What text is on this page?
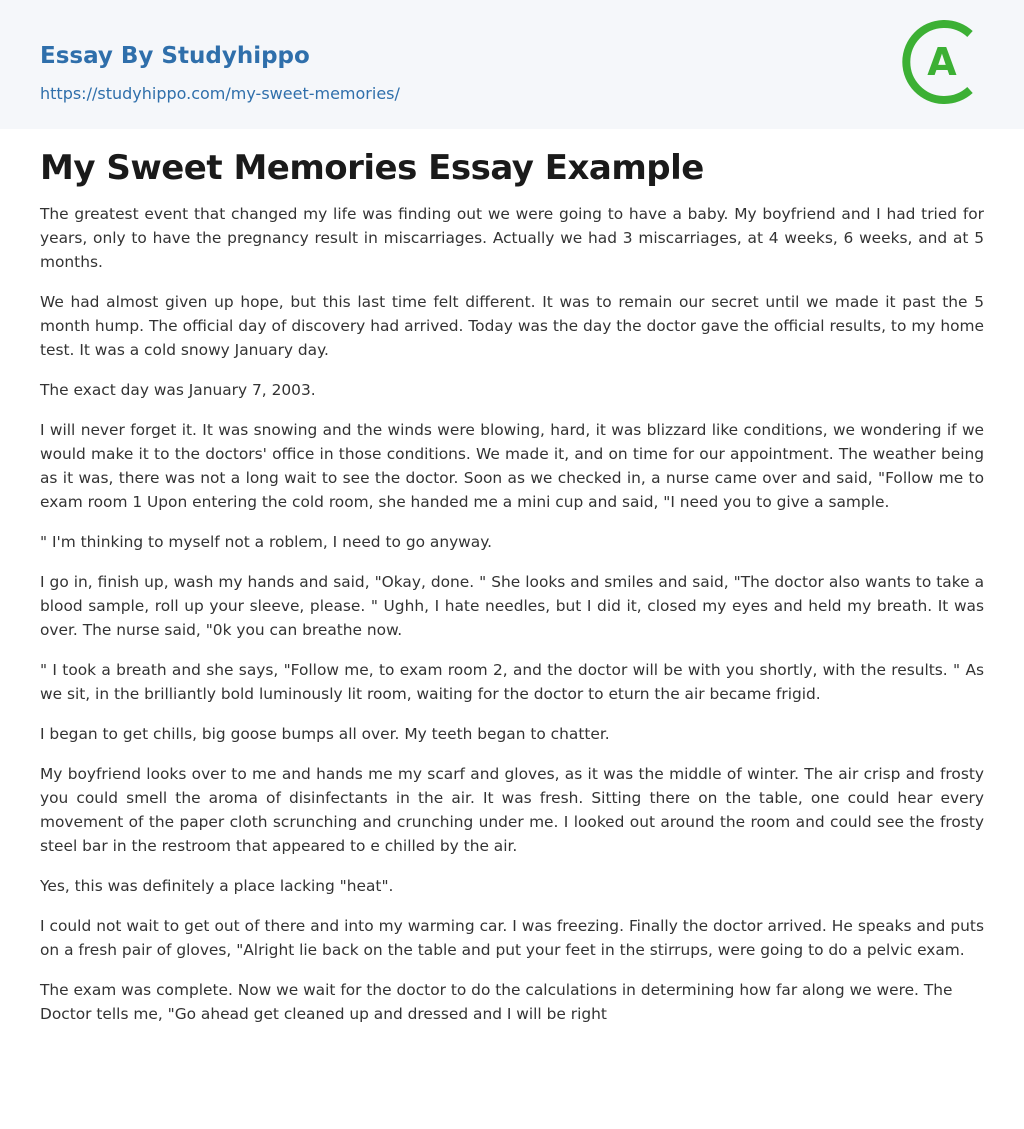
Essay By Studyhippo
https://studyhippo.com/my-sweet-memories/
A
My Sweet Memories Essay Example

The greatest event that changed my life was finding out we were going to have a baby. My boyfriend and I had tried for years, only to have the pregnancy result in miscarriages. Actually we had 3 miscarriages, at 4 weeks, 6 weeks, and at 5 months.

We had almost given up hope, but this last time felt different. It was to remain our secret until we made it past the 5 month hump. The official day of discovery had arrived. Today was the day the doctor gave the official results, to my home test. It was a cold snowy January day.

The exact day was January 7, 2003.

I will never forget it. It was snowing and the winds were blowing, hard, it was blizzard like conditions, we wondering if we would make it to the doctors' office in those conditions. We made it, and on time for our appointment. The weather being as it was, there was not a long wait to see the doctor. Soon as we checked in, a nurse came over and said, "Follow me to exam room 1 Upon entering the cold room, she handed me a mini cup and said, "I need you to give a sample.

" I'm thinking to myself not a roblem, I need to go anyway.

I go in, finish up, wash my hands and said, "Okay, done. " She looks and smiles and said, "The doctor also wants to take a blood sample, roll up your sleeve, please. " Ughh, I hate needles, but I did it, closed my eyes and held my breath. It was over. The nurse said, "0k you can breathe now.

" I took a breath and she says, "Follow me, to exam room 2, and the doctor will be with you shortly, with the results. " As we sit, in the brilliantly bold luminously lit room, waiting for the doctor to eturn the air became frigid.

I began to get chills, big goose bumps all over. My teeth began to chatter.

My boyfriend looks over to me and hands me my scarf and gloves, as it was the middle of winter. The air crisp and frosty you could smell the aroma of disinfectants in the air. It was fresh. Sitting there on the table, one could hear every movement of the paper cloth scrunching and crunching under me. I looked out around the room and could see the frosty steel bar in the restroom that appeared to e chilled by the air.

Yes, this was definitely a place lacking "heat".

I could not wait to get out of there and into my warming car. I was freezing. Finally the doctor arrived. He speaks and puts on a fresh pair of gloves, "Alright lie back on the table and put your feet in the stirrups, were going to do a pelvic exam.

The exam was complete. Now we wait for the doctor to do the calculations in determining how far along we were. The Doctor tells me, "Go ahead get cleaned up and dressed and I will be right
